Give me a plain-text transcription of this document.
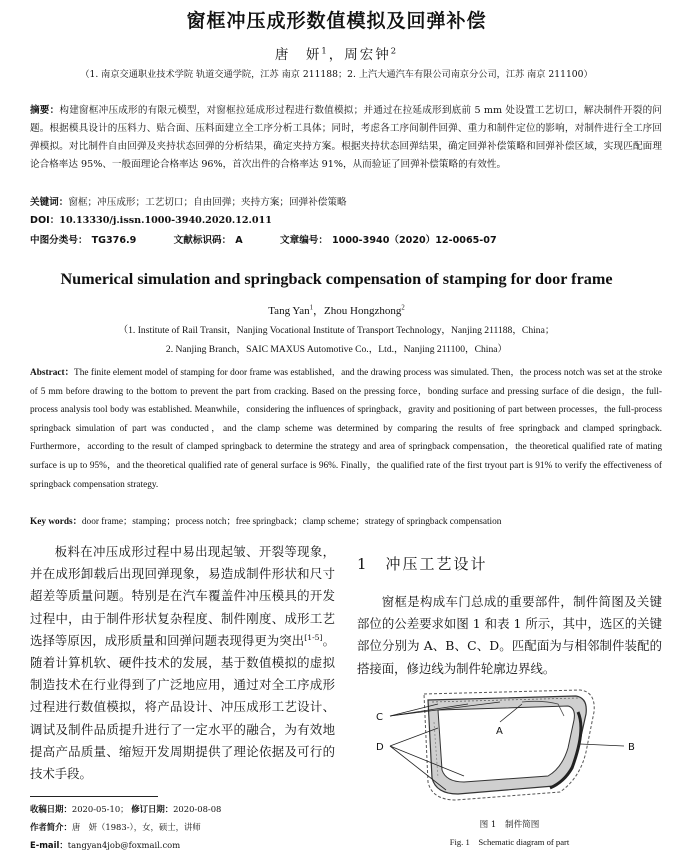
窗框冲压成形数值模拟及回弹补偿
唐　妍$^1$，周宏钟$^2$
（1. 南京交通职业技术学院 轨道交通学院，江苏 南京 211188；2. 上汽大通汽车有限公司南京分公司，江苏 南京 211100）
摘要：构建窗框冲压成形的有限元模型，对窗框拉延成形过程进行数值模拟；并通过在拉延成形到底前 5 mm 处设置工艺切口，解决制件开裂的问题。根据模具设计的压料力、贴合面、压料面建立全工序分析工具体；同时，考虑各工序间制件回弹、重力和制件定位的影响，对制件进行全工序回弹模拟。对比制件自由回弹及夹持状态回弹的分析结果，确定夹持方案。根据夹持状态回弹结果，确定回弹补偿策略和回弹补偿区域，实现匹配面理论合格率达 95%、一般面理论合格率达 96%，首次出件的合格率达 91%，从而验证了回弹补偿策略的有效性。
关键词：窗框；冲压成形；工艺切口；自由回弹；夹持方案；回弹补偿策略
DOI：10.13330/j.issn.1000-3940.2020.12.011
中图分类号： TG376.9	文献标识码： A	文章编号： 1000-3940（2020）12-0065-07
Numerical simulation and springback compensation of stamping for door frame
Tang Yan$^1$，Zhou Hongzhong$^2$
（1. Institute of Rail Transit，Nanjing Vocational Institute of Transport Technology，Nanjing 211188，China；
2. Nanjing Branch，SAIC MAXUS Automotive Co.，Ltd.，Nanjing 211100，China）
Abstract：The finite element model of stamping for door frame was established，and the drawing process was simulated. Then，the process notch was set at the stroke of 5 mm before drawing to the bottom to prevent the part from cracking. Based on the pressing force，bonding surface and pressing surface of die design，the full-process analysis tool body was established. Meanwhile，considering the influences of springback，gravity and positioning of part between processes，the full-process springback simulation of part was conducted，and the clamp scheme was determined by comparing the results of free springback and clamped springback. Furthermore，according to the result of clamped springback to determine the strategy and area of springback compensation，the theoretical qualified rate of mating surface is up to 95%，and the theoretical qualified rate of general surface is 96%. Finally，the qualified rate of the first tryout part is 91% to verify the effectiveness of springback compensation strategy.
Key words：door frame；stamping；process notch；free springback；clamp scheme；strategy of springback compensation
板料在冲压成形过程中易出现起皱、开裂等现象，并在成形卸载后出现回弹现象，易造成制件形状和尺寸超差等质量问题。特别是在汽车覆盖件冲压模具的开发过程中，由于制件形状复杂程度、制件刚度、成形工艺选择等原因，成形质量和回弹问题表现得更为突出[1-5]。随着计算机软、硬件技术的发展，基于数值模拟的虚拟制造技术在行业得到了广泛地应用，通过对全工序成形过程进行数值模拟，将产品设计、冲压成形工艺设计、调试及制件品质提升进行了一定水平的融合，为有效地提高产品质量、缩短开发周期提供了理论依据及可行的技术手段。
1　冲压工艺设计
窗框是构成车门总成的重要部件，制件简图及关键部位的公差要求如图 1 和表 1 所示，其中，选区的关键部位分别为 A、B、C、D。匹配面为与相邻制件装配的搭接面，修边线为制件轮廓边界线。
C
D
A
B
图 1　制件简图
Fig. 1　Schematic diagram of part
收稿日期：2020-05-10； 修订日期：2020-08-08
作者简介：唐　妍（1983-），女，硕士，讲师
E-mail：tangyan4job@foxmail.com
